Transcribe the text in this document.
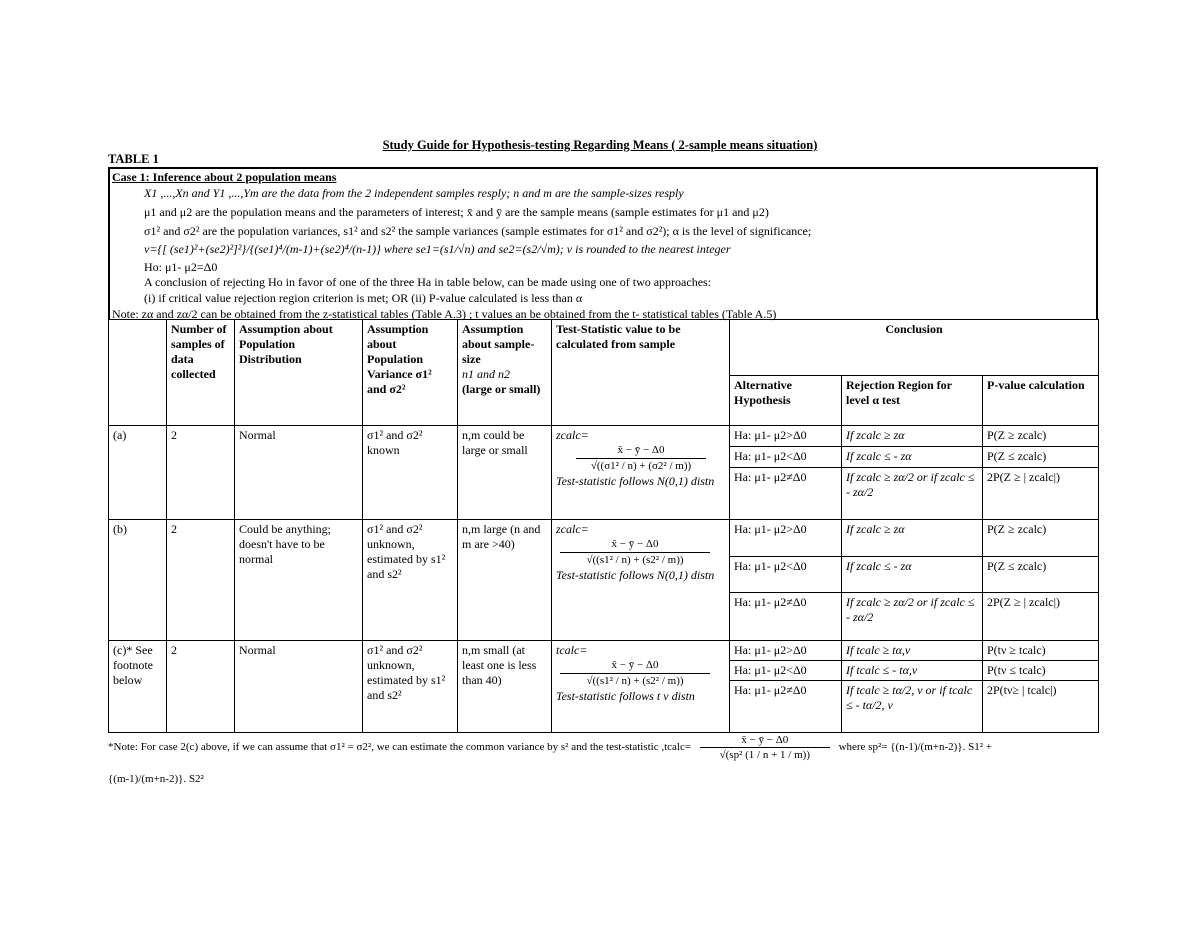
Study Guide for Hypothesis-testing Regarding Means ( 2-sample means situation)
TABLE 1
Case 1: Inference about 2 population means
X1 ,...,Xn and Y1 ,...,Ym are the data from the 2 independent samples resply; n and m are the sample-sizes resply
μ1 and μ2 are the population means and the parameters of interest; x̄ and ȳ are the sample means (sample estimates for μ1 and μ2)
σ1² and σ2² are the population variances, s1² and s2² the sample variances (sample estimates for σ1² and σ2²); α is the level of significance;
ν={[ (se1)²+(se2)²]²}/{(se1)⁴/(m-1)+(se2)⁴/(n-1)} where se1=(s1/√n) and se2=(s2/√m); ν is rounded to the nearest integer
Ho: μ1- μ2=Δ0
A conclusion of rejecting Ho in favor of one of the three Ha in table below, can be made using one of two approaches:
(i) if critical value rejection region criterion is met; OR (ii) P-value calculated is less than α
Note: zα and zα/2 can be obtained from the z-statistical tables (Table A.3) ; t values an be obtained from the t- statistical tables (Table A.5)
	Number of samples of data collected	Assumption about Population Distribution	Assumption about Population Variance σ1² and σ2²	Assumption about sample-size
n1 and n2
(large or small)	Test-Statistic value to be calculated from sample	Conclusion		
						Alternative Hypothesis	Rejection Region for level α test	P-value calculation
(a)	2	Normal	σ1² and σ2² known	n,m could be large or small	zcalc=
x̄ − ȳ − Δ0
√((σ1² / n) + (σ2² / m))
Test-statistic follows N(0,1) distn	Ha: μ1- μ2>Δ0	If zcalc ≥ zα	P(Z ≥ zcalc)
						Ha: μ1- μ2<Δ0	If zcalc ≤ - zα	P(Z ≤ zcalc)
						Ha: μ1- μ2≠Δ0	If zcalc ≥ zα/2 or if zcalc ≤ - zα/2	2P(Z ≥ | zcalc|)
(b)	2	Could be anything; doesn't have to be normal	σ1² and σ2² unknown, estimated by s1² and s2²	n,m large (n and m are >40)	zcalc=
x̄ − ȳ − Δ0
√((s1² / n) + (s2² / m))
Test-statistic follows N(0,1) distn	Ha: μ1- μ2>Δ0	If zcalc ≥ zα	P(Z ≥ zcalc)
						Ha: μ1- μ2<Δ0	If zcalc ≤ - zα	P(Z ≤ zcalc)
						Ha: μ1- μ2≠Δ0	If zcalc ≥ zα/2 or if zcalc ≤ - zα/2	2P(Z ≥ | zcalc|)
(c)* See footnote below	2	Normal	σ1² and σ2² unknown, estimated by s1² and s2²	n,m small (at least one is less than 40)	tcalc=
x̄ − ȳ − Δ0
√((s1² / n) + (s2² / m))
Test-statistic follows t ν distn	Ha: μ1- μ2>Δ0	If tcalc ≥ tα,ν	P(tν ≥ tcalc)
						Ha: μ1- μ2<Δ0	If tcalc ≤ - tα,ν	P(tν ≤ tcalc)
						Ha: μ1- μ2≠Δ0	If tcalc ≥ tα/2, ν or if tcalc ≤ - tα/2, ν	2P(tν≥ | tcalc|)
*Note: For case 2(c) above, if we can assume that σ1² = σ2², we can estimate the common variance by s² and the test-statistic ,tcalc= $\frac{x̄ - ȳ - \Delta 0}{\text{√(sp² (1 / n + 1 / m))}}$ where sp²= {(n-1)/(m+n-2)}. S1² +
{(m-1)/(m+n-2)}. S2²
